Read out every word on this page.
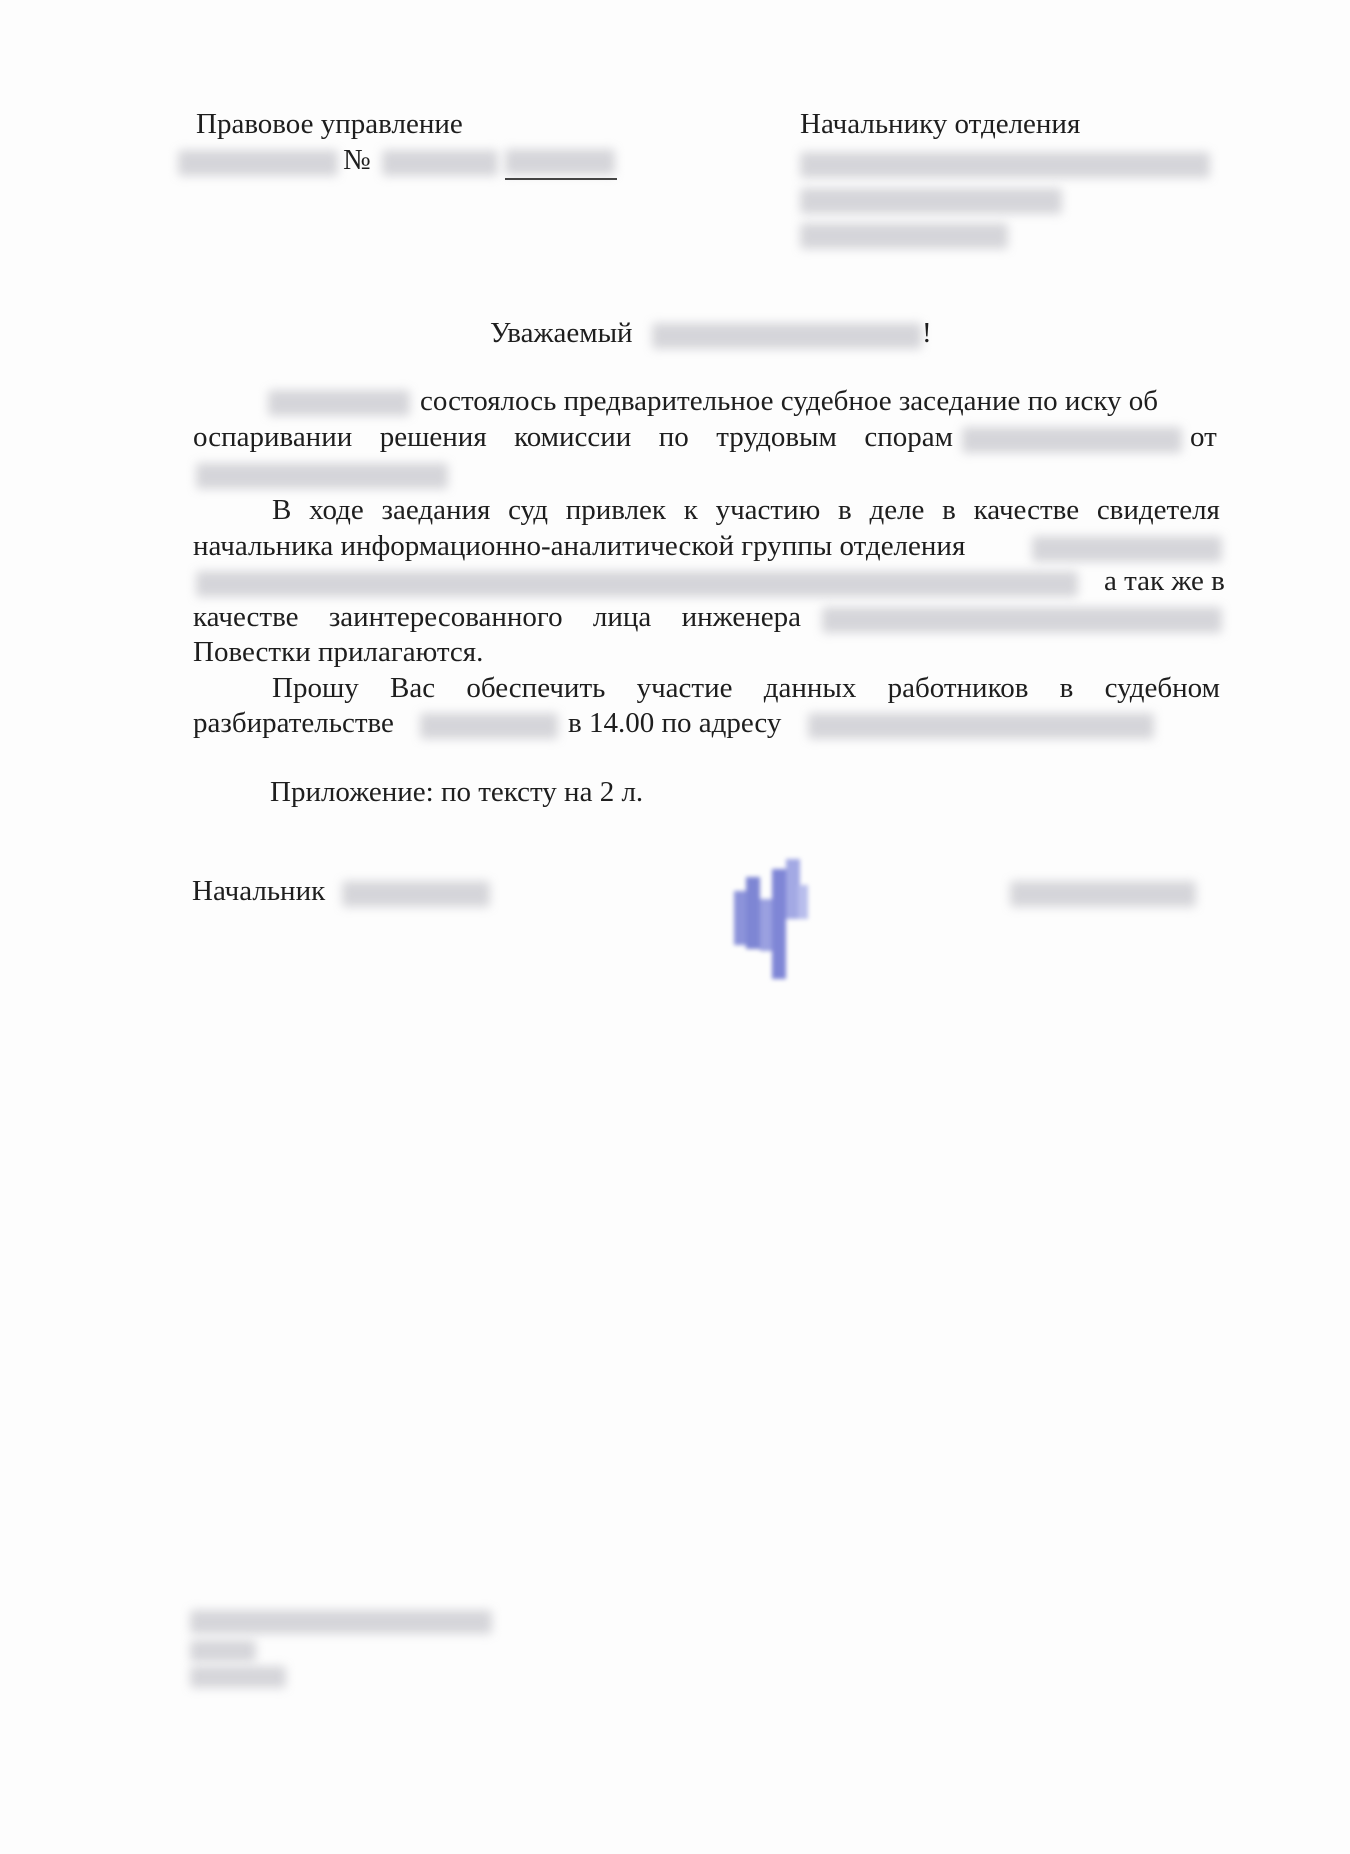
Правовое управление
№
Начальнику отделения
Уважаемый	!
состоялось предварительное судебное заседание по иску об
оспаривании решения комиссии по трудовым спорам	от
В ходе заедания суд привлек к участию в деле в качестве свидетеля
начальника информационно-аналитической группы отделения
а так же в
качестве заинтересованного лица инженера
Повестки прилагаются.
Прошу Вас обеспечить участие данных работников в судебном
разбирательстве	в 14.00 по адресу
Приложение: по тексту на 2 л.
Начальник
